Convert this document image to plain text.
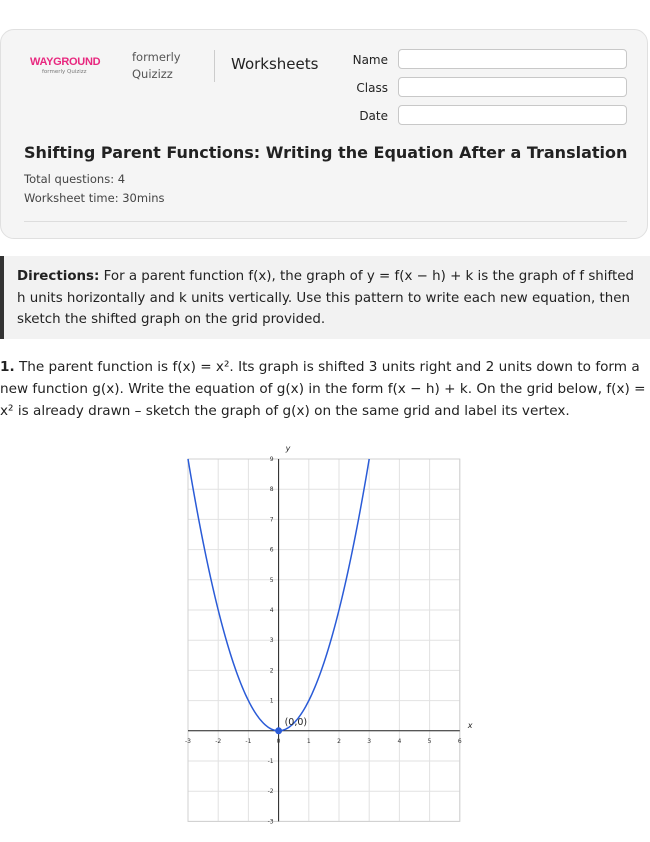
WAYGROUND
formerly Quizizz
formerly
Quizizz
Worksheets	Name
Class
Date
Shifting Parent Functions: Writing the Equation After a Translation
Total questions: 4
Worksheet time: 30mins
Directions: For a parent function f(x), the graph of y = f(x − h) + k is the graph of f shifted h units horizontally and k units vertically. Use this pattern to write each new equation, then sketch the shifted graph on the grid provided.
1. The parent function is f(x) = x². Its graph is shifted 3 units right and 2 units down to form a new function g(x). Write the equation of g(x) in the form f(x − h) + k. On the grid below, f(x) = x² is already drawn – sketch the graph of g(x) on the same grid and label its vertex.
-3	-2	-1	0	1	2	3	4	5	6
-3
-2
-1
1
2
3
4
5
6
7
8
9
(0,0)	x
y
